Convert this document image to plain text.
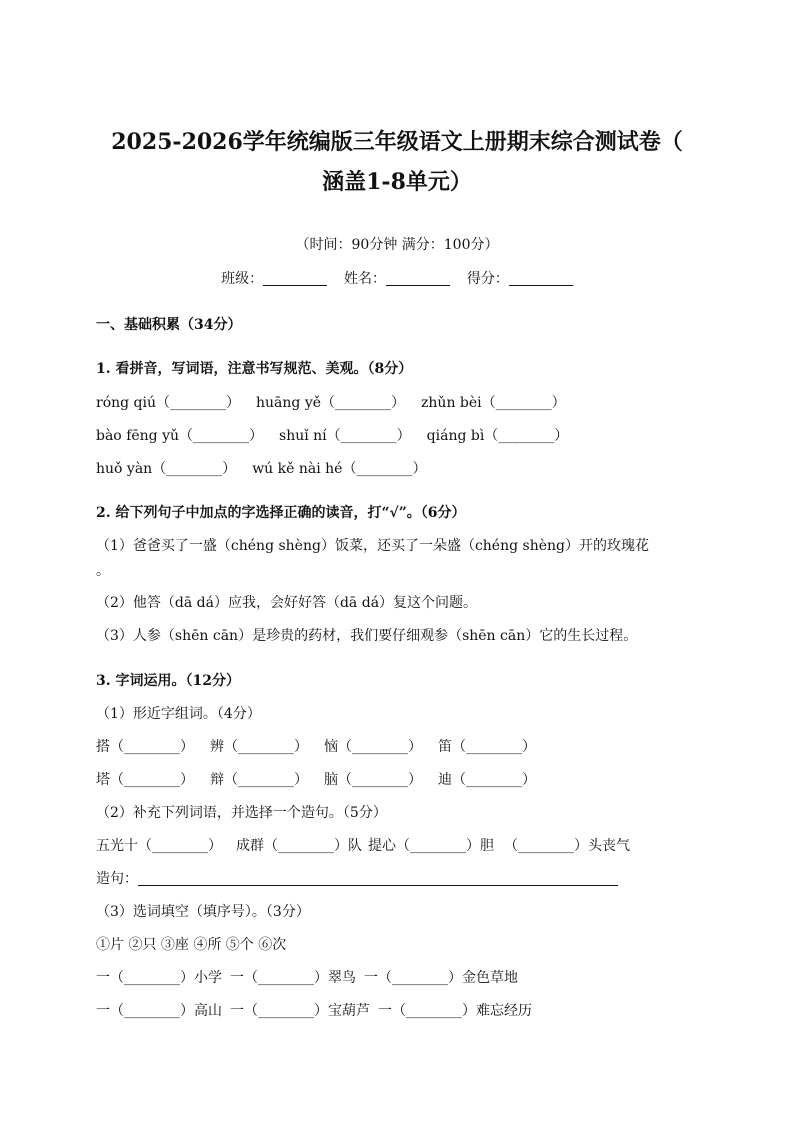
2025-2026学年统编版三年级语文上册期末综合测试卷（
涵盖1-8单元）
（时间：90分钟 满分：100分）
班级：	姓名：	得分：
一、基础积累（34分）
1. 看拼音，写词语，注意书写规范、美观。（8分）
róng qiú（________） huāng yě（________） zhǔn bèi（________）
bào fēng yǔ（________） shuǐ ní（________） qiáng bì（________）
huǒ yàn（________） wú kě nài hé（________）
2. 给下列句子中加点的字选择正确的读音，打“√”。（6分）
（1）爸爸买了一盛（chéng shèng）饭菜，还买了一朵盛（chéng shèng）开的玫瑰花
。
（2）他答（dā dá）应我，会好好答（dā dá）复这个问题。
（3）人参（shēn cān）是珍贵的药材，我们要仔细观参（shēn cān）它的生长过程。
3. 字词运用。（12分）
（1）形近字组词。（4分）
搭（________） 辨（________） 恼（________） 笛（________）
塔（________） 辩（________） 脑（________） 迪（________）
（2）补充下列词语，并选择一个造句。（5分）
五光十（________） 成群（________）队 提心（________）胆 （________）头丧气
造句：
（3）选词填空（填序号）。（3分）
①片 ②只 ③座 ④所 ⑤个 ⑥次
一（________）小学 一（________）翠鸟 一（________）金色草地
一（________）高山 一（________）宝葫芦 一（________）难忘经历
